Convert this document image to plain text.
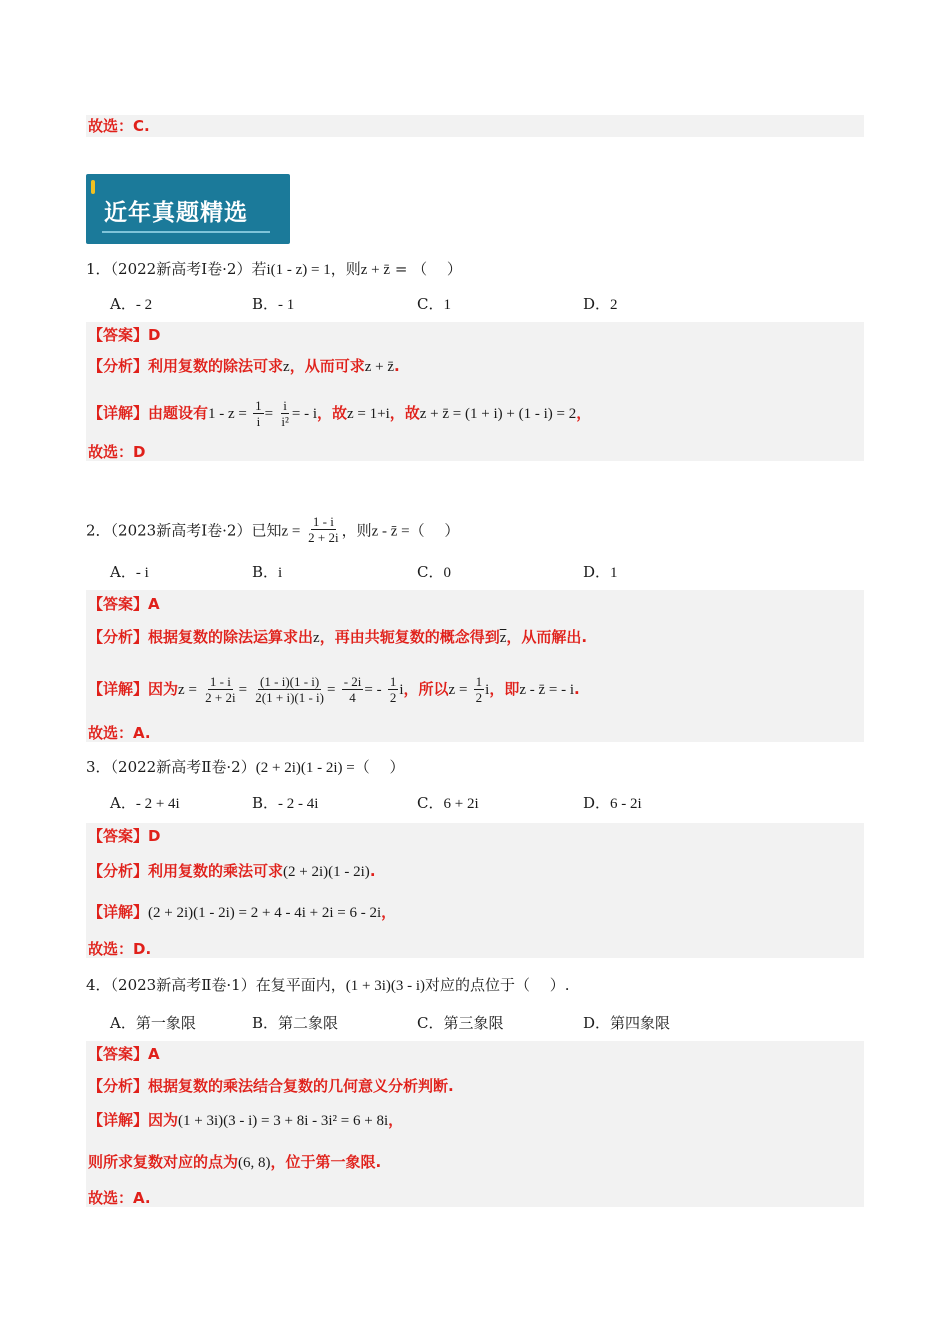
故选：C.
近年真题精选
1．（2022新高考Ⅰ卷·2）若i(1 - z) = 1，则z + z̄ = （　 ）
A．- 2	B．- 1	C．1	D．2
【答案】D
【分析】利用复数的除法可求z，从而可求z + z̄.
【详解】由题设有$1 - z = \frac{1}{i} = \frac{i}{\text{i²}}$ = - i，故z = 1+i，故z + z̄ = (1 + i) + (1 - i) = 2，
故选：D
2．（2023新高考Ⅰ卷·2）已知$z = \frac{1 - i}{2 + 2i}$ ，则z - z̄ =（　 ）
A．- i	B．i	C．0	D．1
【答案】A
【分析】根据复数的除法运算求出z，再由共轭复数的概念得到$\overline{z}$，从而解出.
【详解】因为$z = \frac{1 - i}{2 + 2i} = \frac{(1 - i)(1 - i)}{2(1 + i)(1 - i)} = \frac{- 2i}{4}$ = - $\frac{1}{2}$ i，所以$z = \frac{1}{2}$ i，即z - z̄ = - i.
故选：A.
3．（2022新高考Ⅱ卷·2）(2 + 2i)(1 - 2i) =（　 ）
A．- 2 + 4i	B．- 2 - 4i	C．6 + 2i	D．6 - 2i
【答案】D
【分析】利用复数的乘法可求(2 + 2i)(1 - 2i).
【详解】(2 + 2i)(1 - 2i) = 2 + 4 - 4i + 2i = 6 - 2i，
故选：D.
4．（2023新高考Ⅱ卷·1）在复平面内，(1 + 3i)(3 - i)对应的点位于（　 ）.
A．第一象限	B．第二象限	C．第三象限	D．第四象限
【答案】A
【分析】根据复数的乘法结合复数的几何意义分析判断.
【详解】因为(1 + 3i)(3 - i) = 3 + 8i - 3i² = 6 + 8i，
则所求复数对应的点为(6, 8)，位于第一象限.
故选：A.
